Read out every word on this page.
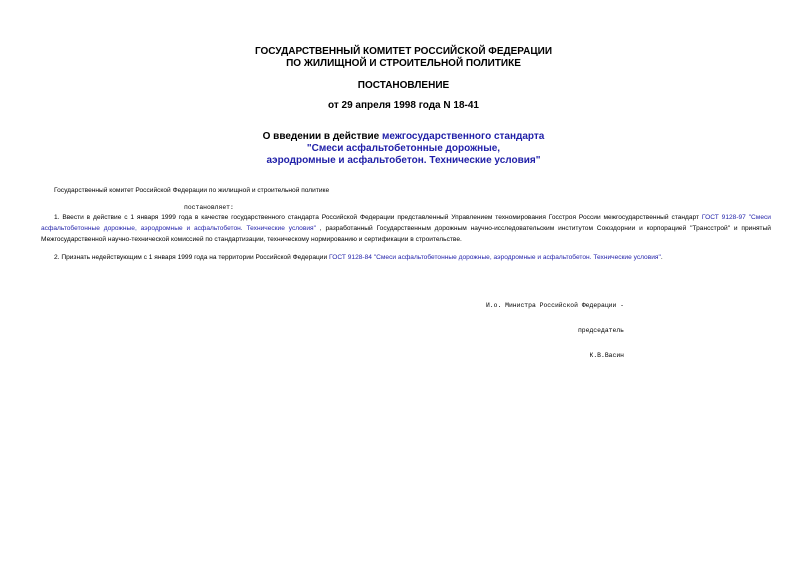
ГОСУДАРСТВЕННЫЙ КОМИТЕТ РОССИЙСКОЙ ФЕДЕРАЦИИ
ПО ЖИЛИЩНОЙ И СТРОИТЕЛЬНОЙ ПОЛИТИКЕ
ПОСТАНОВЛЕНИЕ
от 29 апреля 1998 года N 18-41
О введении в действие межгосударственного стандарта
"Смеси асфальтобетонные дорожные,
аэродромные и асфальтобетон. Технические условия"
Государственный комитет Российской Федерации по жилищной и строительной политике
постановляет:
1. Ввести в действие с 1 января 1999 года в качестве государственного стандарта Российской Федерации представленный Управлением техномирования Госстроя России межгосударственный стандарт ГОСТ 9128-97 "Смеси асфальтобетонные дорожные, аэродромные и асфальтобетон. Технические условия" , разработанный Государственным дорожным научно-исследовательским институтом Союздорнии и корпорацией "Трансстрой" и принятый Межгосударственной научно-технической комиссией по стандартизации, техническому нормированию и сертификации в строительстве.
2. Признать недействующим с 1 января 1999 года на территории Российской Федерации ГОСТ 9128-84 "Смеси асфальтобетонные дорожные, аэродромные и асфальтобетон. Технические условия".

И.о. Министра Российской Федерации -

председатель

К.В.Васин
